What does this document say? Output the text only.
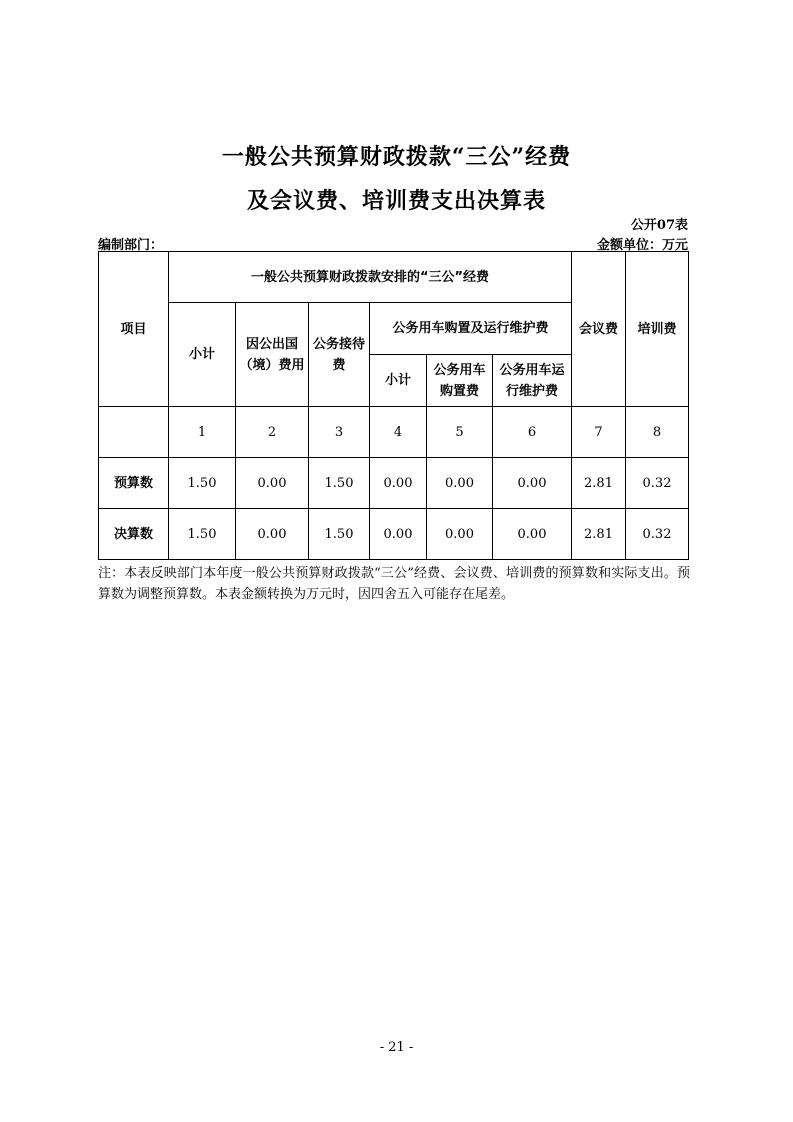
一般公共预算财政拨款“三公”经费
及会议费、培训费支出决算表
公开07表
编制部门：	金额单位：万元
项目	一般公共预算财政拨款安排的“三公”经费						会议费	培训费
	小计	因公出国（境）费用	公务接待费	公务用车购置及运行维护费				
				小计	公务用车购置费	公务用车运行维护费		
	1	2	3	4	5	6	7	8
预算数	1.50	0.00	1.50	0.00	0.00	0.00	2.81	0.32
决算数	1.50	0.00	1.50	0.00	0.00	0.00	2.81	0.32
注：本表反映部门本年度一般公共预算财政拨款“三公”经费、会议费、培训费的预算数和实际支出。预算数为调整预算数。本表金额转换为万元时，因四舍五入可能存在尾差。
- 21 -
